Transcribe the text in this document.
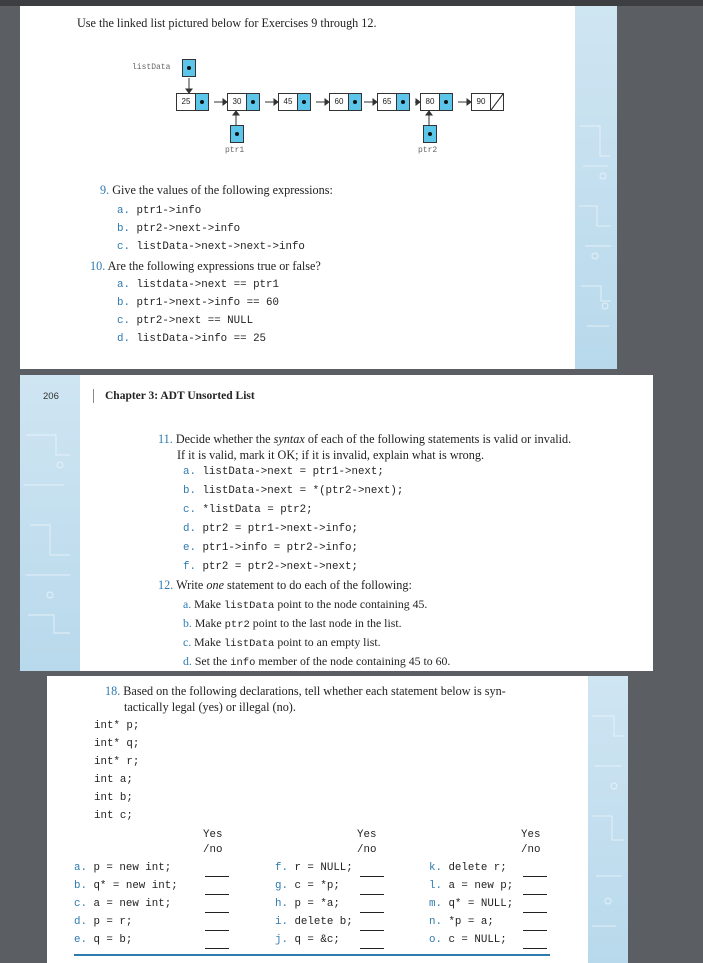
Use the linked list pictured below for Exercises 9 through 12.
listData
25	30	45	60	65	80	90
ptr1	ptr2
9. Give the values of the following expressions:
a. ptr1->info
b. ptr2->next->info
c. listData->next->next->info
10. Are the following expressions true or false?
a. listdata->next == ptr1
b. ptr1->next->info == 60
c. ptr2->next == NULL
d. listData->info == 25
206	Chapter 3: ADT Unsorted List
11. Decide whether the syntax of each of the following statements is valid or invalid.
If it is valid, mark it OK; if it is invalid, explain what is wrong.
a. listData->next = ptr1->next;
b. listData->next = *(ptr2->next);
c. *listData = ptr2;
d. ptr2 = ptr1->next->info;
e. ptr1->info = ptr2->info;
f. ptr2 = ptr2->next->next;
12. Write one statement to do each of the following:
a. Make listData point to the node containing 45.
b. Make ptr2 point to the last node in the list.
c. Make listData point to an empty list.
d. Set the info member of the node containing 45 to 60.
18. Based on the following declarations, tell whether each statement below is syn-
tactically legal (yes) or illegal (no).
int* p;
int* q;
int* r;
int a;
int b;
int c;
Yes
/no
Yes
/no
Yes
/no
a. p = new int;
b. q* = new int;
c. a = new int;
d. p = r;
e. q = b;
f. r = NULL;
g. c = *p;
h. p = *a;
i. delete b;
j. q = &c;
k. delete r;
l. a = new p;
m. q* = NULL;
n. *p = a;
o. c = NULL;
